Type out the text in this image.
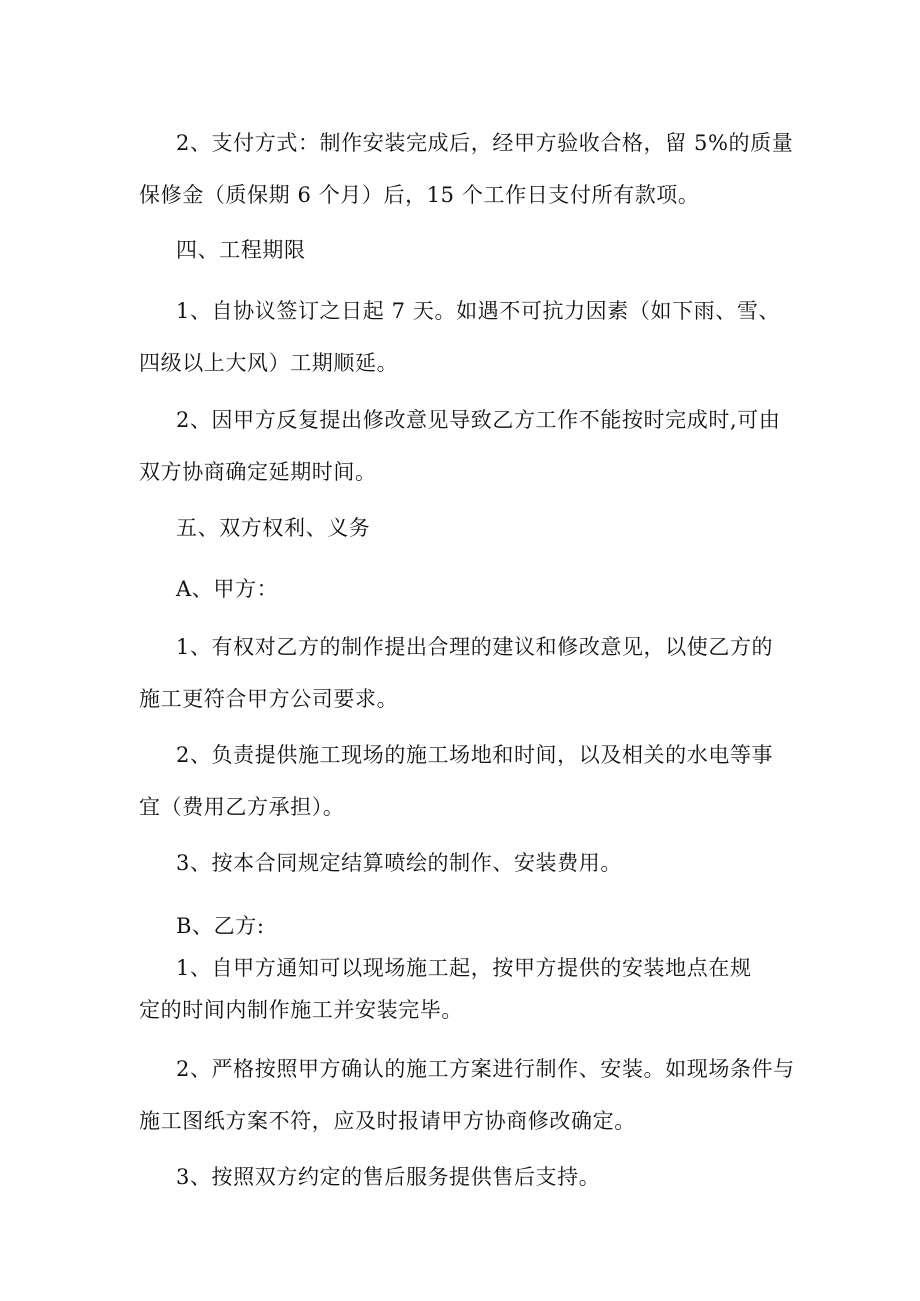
2、支付方式：制作安装完成后，经甲方验收合格，留 5%的质量
保修金（质保期 6 个月）后，15 个工作日支付所有款项。
四、工程期限
1、自协议签订之日起 7 天。如遇不可抗力因素（如下雨、雪、
四级以上大风）工期顺延。
2、因甲方反复提出修改意见导致乙方工作不能按时完成时,可由
双方协商确定延期时间。
五、双方权利、义务
A、甲方：
1、有权对乙方的制作提出合理的建议和修改意见，以使乙方的
施工更符合甲方公司要求。
2、负责提供施工现场的施工场地和时间，以及相关的水电等事
宜（费用乙方承担）。
3、按本合同规定结算喷绘的制作、安装费用。
B、乙方:
1、自甲方通知可以现场施工起，按甲方提供的安装地点在规
定的时间内制作施工并安装完毕。
2、严格按照甲方确认的施工方案进行制作、安装。如现场条件与
施工图纸方案不符，应及时报请甲方协商修改确定。
3、按照双方约定的售后服务提供售后支持。
